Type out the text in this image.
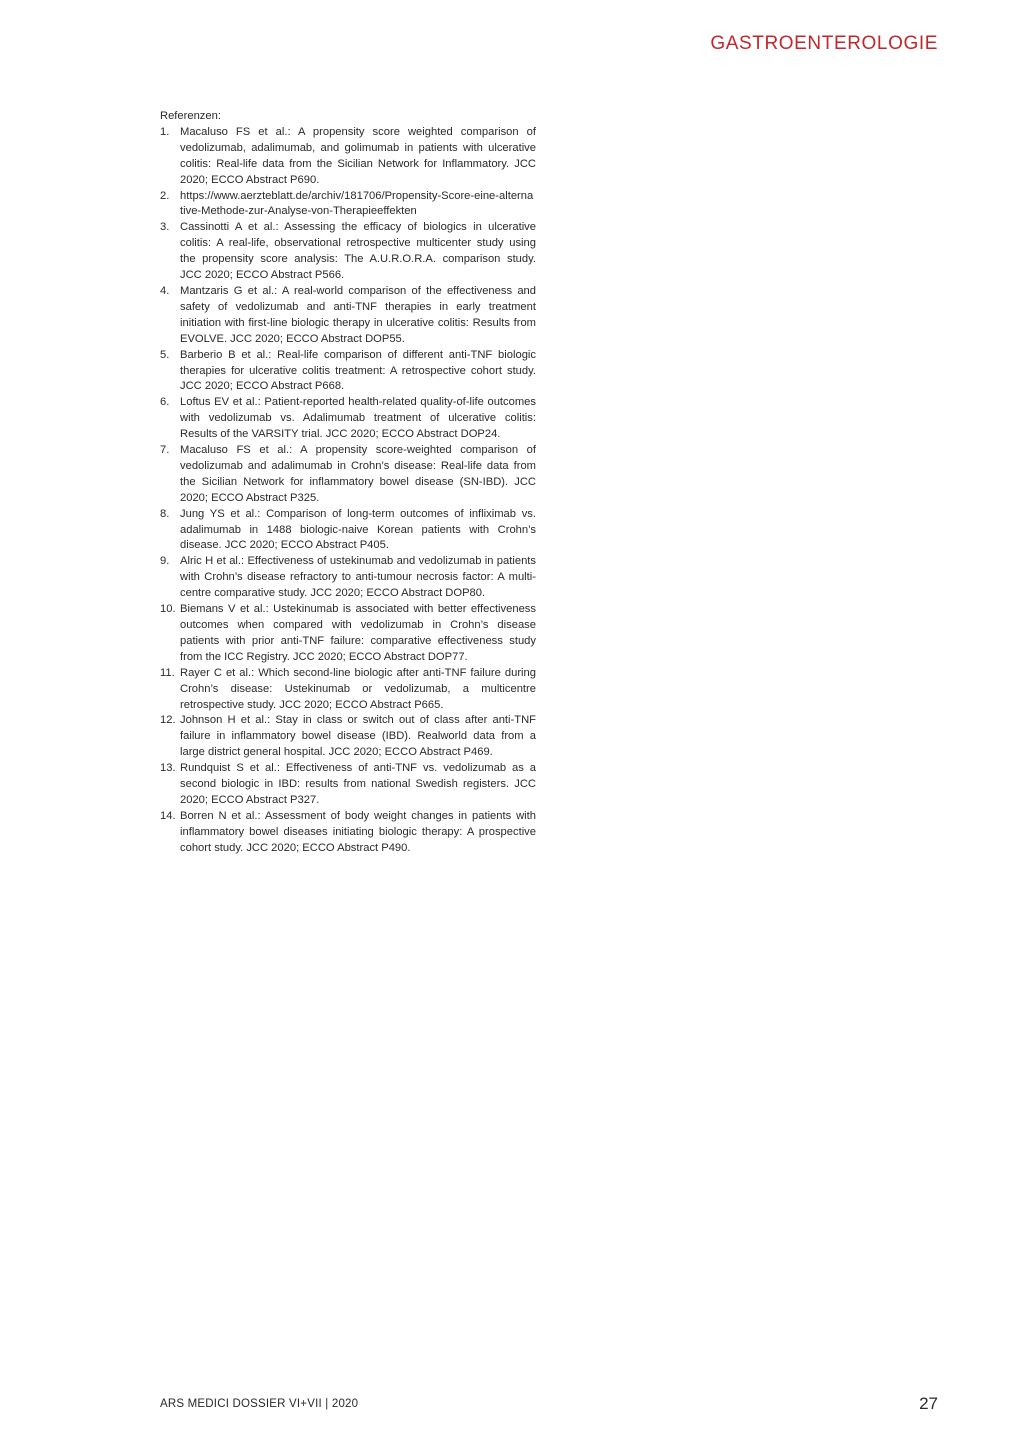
GASTROENTEROLOGIE

Referenzen:

1. Macaluso FS et al.: A propensity score weighted comparison of vedolizumab, adalimumab, and golimumab in patients with ulcerative colitis: Real-life data from the Sicilian Network for Inflammatory. JCC 2020; ECCO Abstract P690.
2. https://www.aerzteblatt.de/archiv/181706/Propensity-Score-eine-alternative-Methode-zur-Analyse-von-Therapieeffekten
3. Cassinotti A et al.: Assessing the efficacy of biologics in ulcerative colitis: A real-life, observational retrospective multicenter study using the propensity score analysis: The A.U.R.O.R.A. comparison study. JCC 2020; ECCO Abstract P566.
4. Mantzaris G et al.: A real-world comparison of the effectiveness and safety of vedolizumab and anti-TNF therapies in early treatment initiation with first-line biologic therapy in ulcerative colitis: Results from EVOLVE. JCC 2020; ECCO Abstract DOP55.
5. Barberio B et al.: Real-life comparison of different anti-TNF biologic therapies for ulcerative colitis treatment: A retrospective cohort study. JCC 2020; ECCO Abstract P668.
6. Loftus EV et al.: Patient-reported health-related quality-of-life outcomes with vedolizumab vs. Adalimumab treatment of ulcerative colitis: Results of the VARSITY trial. JCC 2020; ECCO Abstract DOP24.
7. Macaluso FS et al.: A propensity score-weighted comparison of vedolizumab and adalimumab in Crohn’s disease: Real-life data from the Sicilian Network for inflammatory bowel disease (SN-IBD). JCC 2020; ECCO Abstract P325.
8. Jung YS et al.: Comparison of long-term outcomes of infliximab vs. adalimumab in 1488 biologic-naive Korean patients with Crohn’s disease. JCC 2020; ECCO Abstract P405.
9. Alric H et al.: Effectiveness of ustekinumab and vedolizumab in patients with Crohn’s disease refractory to anti-tumour necrosis factor: A multi-centre comparative study. JCC 2020; ECCO Abstract DOP80.
10. Biemans V et al.: Ustekinumab is associated with better effectiveness outcomes when compared with vedolizumab in Crohn’s disease patients with prior anti-TNF failure: comparative effectiveness study from the ICC Registry. JCC 2020; ECCO Abstract DOP77.
11. Rayer C et al.: Which second-line biologic after anti-TNF failure during Crohn’s disease: Ustekinumab or vedolizumab, a multicentre retrospective study. JCC 2020; ECCO Abstract P665.
12. Johnson H et al.: Stay in class or switch out of class after anti-TNF failure in inflammatory bowel disease (IBD). Realworld data from a large district general hospital. JCC 2020; ECCO Abstract P469.
13. Rundquist S et al.: Effectiveness of anti-TNF vs. vedolizumab as a second biologic in IBD: results from national Swedish registers. JCC 2020; ECCO Abstract P327.
14. Borren N et al.: Assessment of body weight changes in patients with inflammatory bowel diseases initiating biologic therapy: A prospective cohort study. JCC 2020; ECCO Abstract P490.
ARS MEDICI DOSSIER VI+VII | 2020	27
